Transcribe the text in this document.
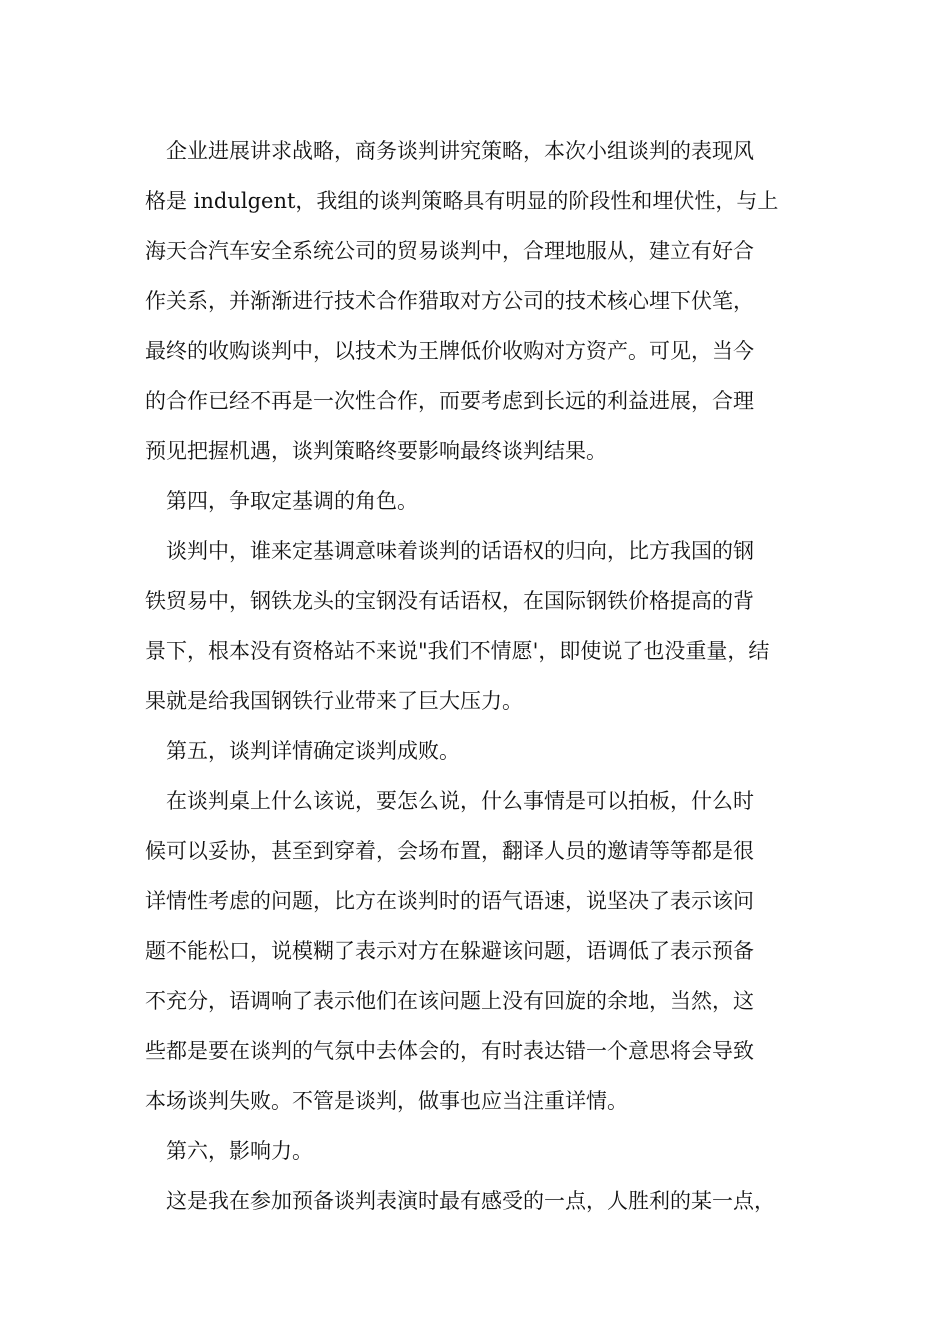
企业进展讲求战略，商务谈判讲究策略，本次小组谈判的表现风
格是 indulgent，我组的谈判策略具有明显的阶段性和埋伏性，与上
海天合汽车安全系统公司的贸易谈判中，合理地服从，建立有好合
作关系，并渐渐进行技术合作猎取对方公司的技术核心埋下伏笔，
最终的收购谈判中，以技术为王牌低价收购对方资产。可见，当今
的合作已经不再是一次性合作，而要考虑到长远的利益进展，合理
预见把握机遇，谈判策略终要影响最终谈判结果。
第四，争取定基调的角色。
谈判中，谁来定基调意味着谈判的话语权的归向，比方我国的钢
铁贸易中，钢铁龙头的宝钢没有话语权，在国际钢铁价格提高的背
景下，根本没有资格站不来说"我们不情愿'，即使说了也没重量，结
果就是给我国钢铁行业带来了巨大压力。
第五，谈判详情确定谈判成败。
在谈判桌上什么该说，要怎么说，什么事情是可以拍板，什么时
候可以妥协，甚至到穿着，会场布置，翻译人员的邀请等等都是很
详情性考虑的问题，比方在谈判时的语气语速，说坚决了表示该问
题不能松口，说模糊了表示对方在躲避该问题，语调低了表示预备
不充分，语调响了表示他们在该问题上没有回旋的余地，当然，这
些都是要在谈判的气氛中去体会的，有时表达错一个意思将会导致
本场谈判失败。不管是谈判，做事也应当注重详情。
第六，影响力。
这是我在参加预备谈判表演时最有感受的一点，人胜利的某一点，
